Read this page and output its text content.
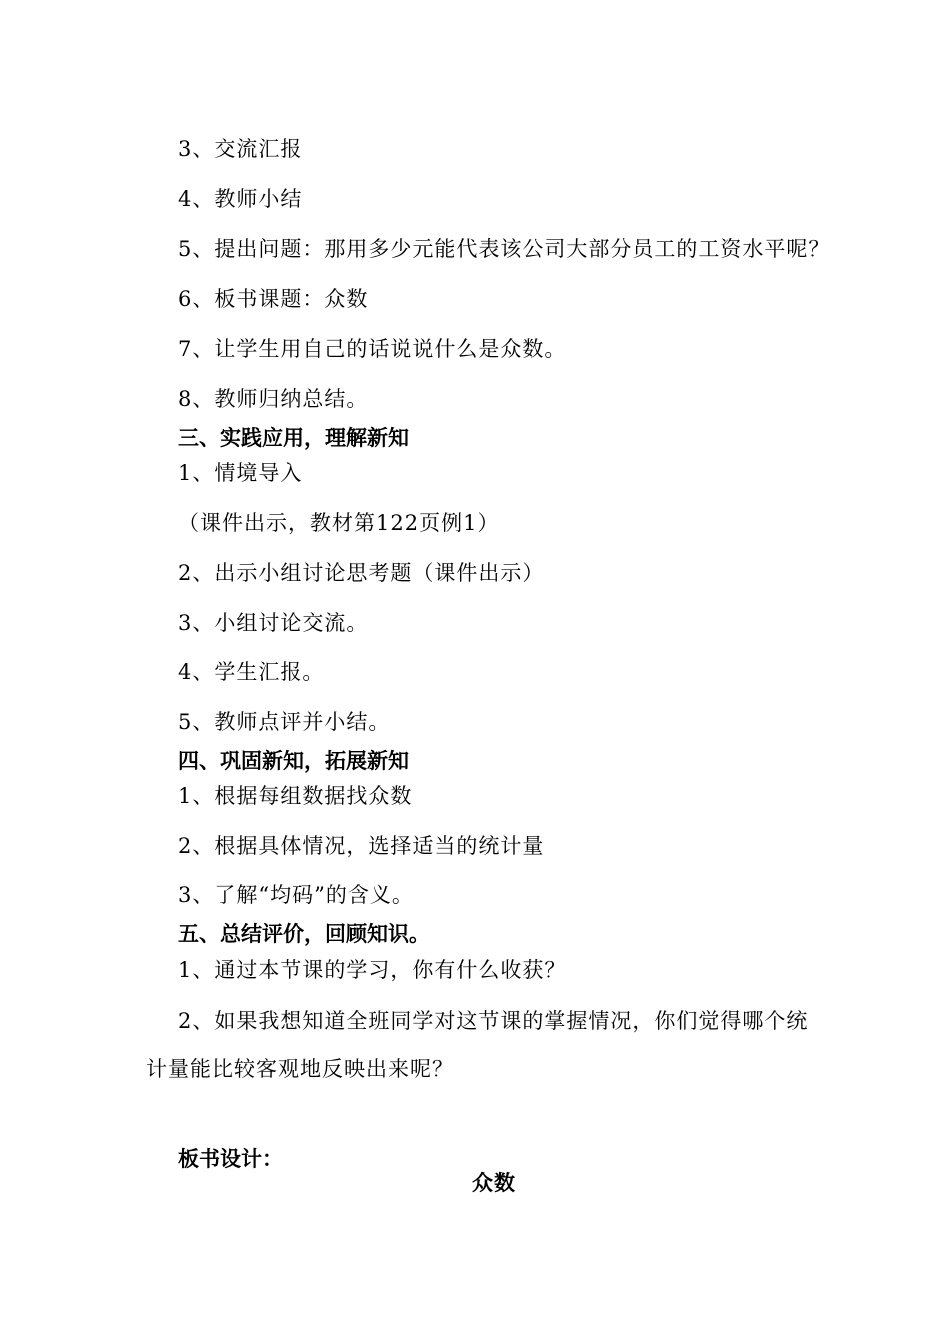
3、交流汇报
4、教师小结
5、提出问题：那用多少元能代表该公司大部分员工的工资水平呢？
6、板书课题：众数
7、让学生用自己的话说说什么是众数。
8、教师归纳总结。
三、实践应用，理解新知
1、情境导入
（课件出示，教材第122页例1）
2、出示小组讨论思考题（课件出示）
3、小组讨论交流。
4、学生汇报。
5、教师点评并小结。
四、巩固新知，拓展新知
1、根据每组数据找众数
2、根据具体情况，选择适当的统计量
3、了解“均码”的含义。
五、总结评价，回顾知识。
1、通过本节课的学习，你有什么收获？
2、如果我想知道全班同学对这节课的掌握情况，你们觉得哪个统
计量能比较客观地反映出来呢？
板书设计：
众数
